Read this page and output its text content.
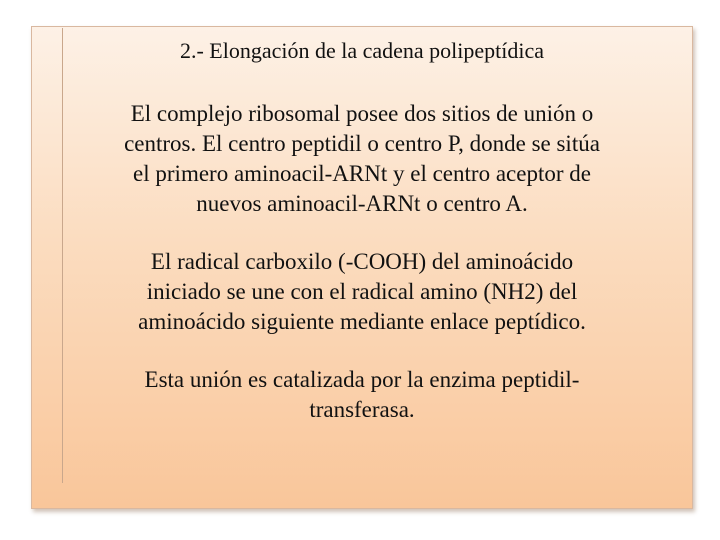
2.- Elongación de la cadena polipeptídica
El complejo ribosomal posee dos sitios de unión o
centros. El centro peptidil o centro P, donde se sitúa
el primero aminoacil-ARNt y el centro aceptor de
nuevos aminoacil-ARNt o centro A.
El radical carboxilo (-COOH) del aminoácido
iniciado se une con el radical amino (NH2) del
aminoácido siguiente mediante enlace peptídico.
Esta unión es catalizada por la enzima peptidil-
transferasa.
